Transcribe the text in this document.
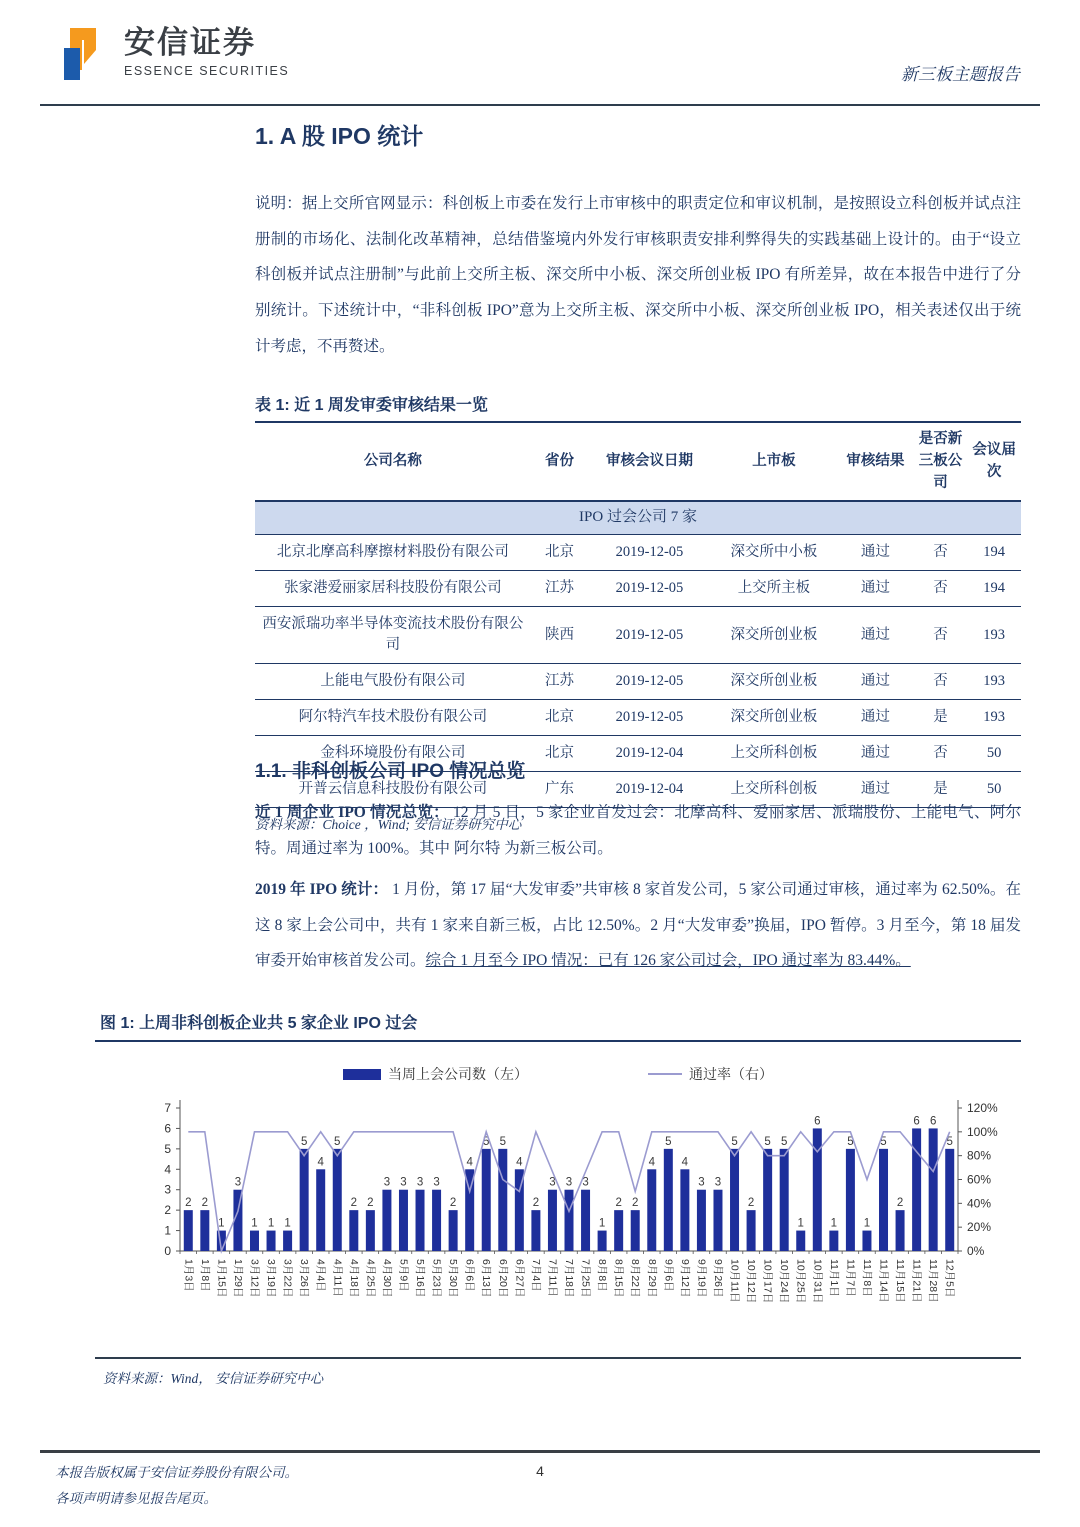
安信证券
ESSENCE SECURITIES	新三板主题报告
1. A 股 IPO 统计
说明：据上交所官网显示：科创板上市委在发行上市审核中的职责定位和审议机制，是按照设立科创板并试点注册制的市场化、法制化改革精神，总结借鉴境内外发行审核职责安排利弊得失的实践基础上设计的。由于“设立科创板并试点注册制”与此前上交所主板、深交所中小板、深交所创业板 IPO 有所差异，故在本报告中进行了分别统计。下述统计中，“非科创板 IPO”意为上交所主板、深交所中小板、深交所创业板 IPO，相关表述仅出于统计考虑，不再赘述。
表 1: 近 1 周发审委审核结果一览
公司名称	省份	审核会议日期	上市板	审核结果	是否新三板公司	会议届次
IPO 过会公司 7 家						
北京北摩高科摩擦材料股份有限公司	北京	2019-12-05	深交所中小板	通过	否	194
张家港爱丽家居科技股份有限公司	江苏	2019-12-05	上交所主板	通过	否	194
西安派瑞功率半导体变流技术股份有限公司	陕西	2019-12-05	深交所创业板	通过	否	193
上能电气股份有限公司	江苏	2019-12-05	深交所创业板	通过	否	193
阿尔特汽车技术股份有限公司	北京	2019-12-05	深交所创业板	通过	是	193
金科环境股份有限公司	北京	2019-12-04	上交所科创板	通过	否	50
开普云信息科技股份有限公司	广东	2019-12-04	上交所科创板	通过	是	50
资料来源：Choice ，Wind; 安信证券研究中心
1.1. 非科创板公司 IPO 情况总览
近 1 周企业 IPO 情况总览： 12 月 5 日，5 家企业首发过会：北摩高科、爱丽家居、派瑞股份、上能电气、阿尔特。周通过率为 100%。其中 阿尔特 为新三板公司。
2019 年 IPO 统计： 1 月份，第 17 届“大发审委”共审核 8 家首发公司，5 家公司通过审核，通过率为 62.50%。在这 8 家上会公司中，共有 1 家来自新三板，占比 12.50%。2 月“大发审委”换届，IPO 暂停。3 月至今，第 18 届发审委开始审核首发公司。综合 1 月至今 IPO 情况：已有 126 家公司过会，IPO 通过率为 83.44%。
图 1: 上周非科创板企业共 5 家企业 IPO 过会
当周上会公司数（左）	通过率（右）
0
1
2
3
4
5
6
7
0%
20%
40%
60%
80%
100%
120%
2 2
1
3
1 1 1
5
4
5
2 2
3 3 3 3
2
4
5 5
4
2
3 3 3
1
2 2
4
5
4
3 3
5
2
5 5
1
6
1
5
1
5
2
6 6
5
1月3日 1月8日 1月15日 1月29日 3月12日 3月19日 3月22日 3月26日 4月4日 4月11日 4月18日 4月25日 4月30日 5月9日 5月16日 5月23日 5月30日 6月6日 6月13日 6月20日 6月27日 7月4日 7月11日 7月18日 7月25日 8月8日 8月15日 8月22日 8月29日 9月6日 9月12日 9月19日 9月26日 10月11日 10月12日 10月17日 10月24日 10月25日 10月31日 11月1日 11月7日 11月8日 11月14日 11月15日 11月21日 11月28日 12月5日
资料来源：Wind， 安信证券研究中心
本报告版权属于安信证券股份有限公司。
各项声明请参见报告尾页。
4
